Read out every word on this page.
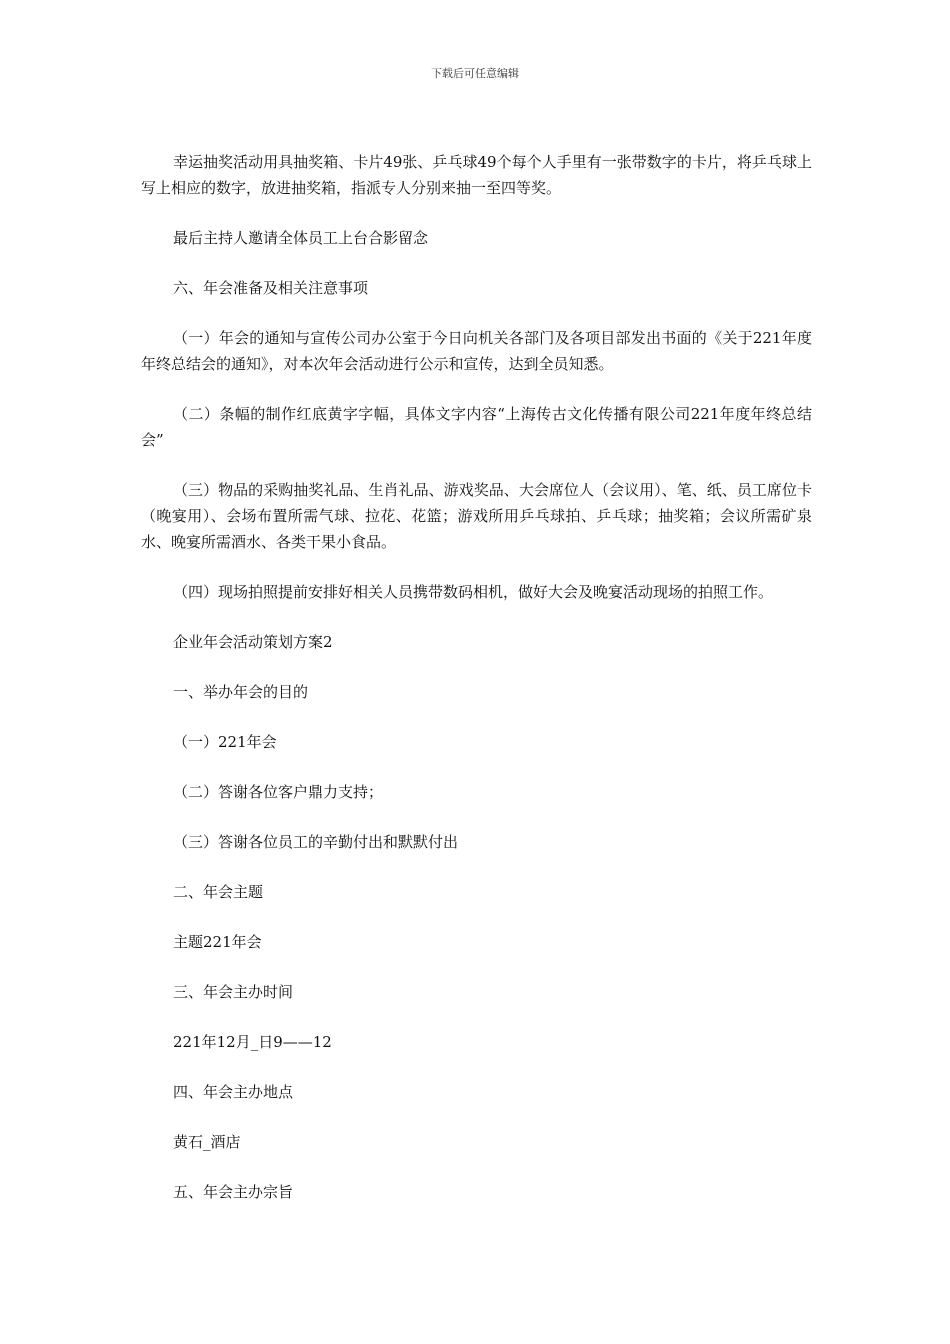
下载后可任意编辑

幸运抽奖活动用具抽奖箱、卡片49张、乒乓球49个每个人手里有一张带数字的卡片，将乒乓球上写上相应的数字，放进抽奖箱，指派专人分别来抽一至四等奖。

最后主持人邀请全体员工上台合影留念

六、年会准备及相关注意事项

（一）年会的通知与宣传公司办公室于今日向机关各部门及各项目部发出书面的《关于221年度年终总结会的通知》，对本次年会活动进行公示和宣传，达到全员知悉。

（二）条幅的制作红底黄字字幅，具体文字内容“上海传古文化传播有限公司221年度年终总结会”

（三）物品的采购抽奖礼品、生肖礼品、游戏奖品、大会席位人（会议用）、笔、纸、员工席位卡（晚宴用）、会场布置所需气球、拉花、花篮；游戏所用乒乓球拍、乒乓球；抽奖箱；会议所需矿泉水、晚宴所需酒水、各类干果小食品。

（四）现场拍照提前安排好相关人员携带数码相机，做好大会及晚宴活动现场的拍照工作。

企业年会活动策划方案2

一、举办年会的目的

（一）221年会

（二）答谢各位客户鼎力支持；

（三）答谢各位员工的辛勤付出和默默付出

二、年会主题

主题221年会

三、年会主办时间

221年12月_日9——12

四、年会主办地点

黄石_酒店

五、年会主办宗旨
